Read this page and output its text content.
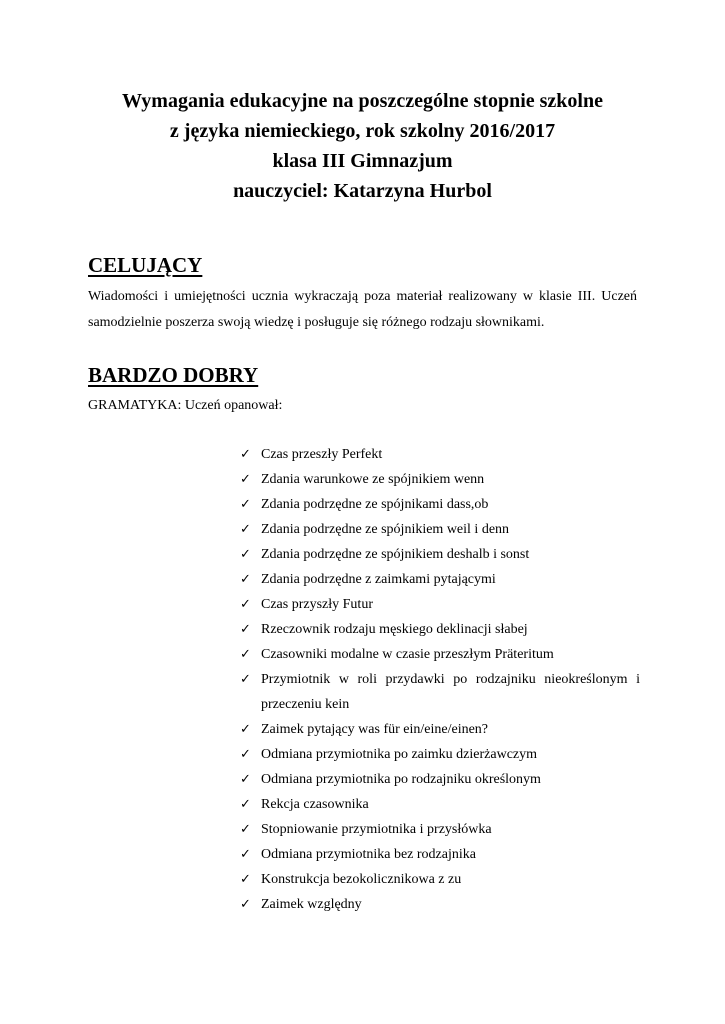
Wymagania edukacyjne na poszczególne stopnie szkolne
z języka niemieckiego, rok szkolny 2016/2017
klasa III Gimnazjum
nauczyciel: Katarzyna Hurbol
CELUJĄCY
Wiadomości i umiejętności ucznia wykraczają poza materiał realizowany w klasie III. Uczeń samodzielnie poszerza swoją wiedzę i posługuje się różnego rodzaju słownikami.
BARDZO DOBRY
GRAMATYKA: Uczeń opanował:
✓ Czas przeszły Perfekt
✓ Zdania warunkowe ze spójnikiem wenn
✓ Zdania podrzędne ze spójnikami dass,ob
✓ Zdania podrzędne ze spójnikiem weil i denn
✓ Zdania podrzędne ze spójnikiem deshalb i sonst
✓ Zdania podrzędne z zaimkami pytającymi
✓ Czas przyszły Futur
✓ Rzeczownik rodzaju męskiego deklinacji słabej
✓ Czasowniki modalne w czasie przeszłym Präteritum
✓ Przymiotnik w roli przydawki po rodzajniku nieokreślonym i przeczeniu kein
✓ Zaimek pytający was für ein/eine/einen?
✓ Odmiana przymiotnika po zaimku dzierżawczym
✓ Odmiana przymiotnika po rodzajniku określonym
✓ Rekcja czasownika
✓ Stopniowanie przymiotnika i przysłówka
✓ Odmiana przymiotnika bez rodzajnika
✓ Konstrukcja bezokolicznikowa z zu
✓ Zaimek względny
